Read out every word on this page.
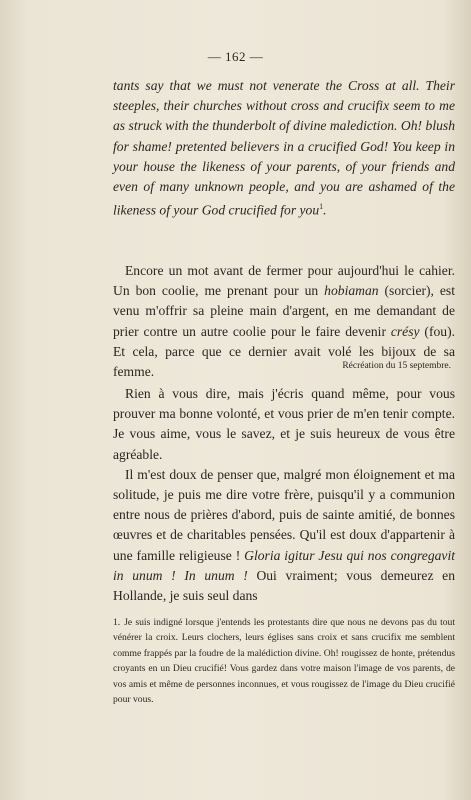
— 162 —

tants say that we must not venerate the Cross at all. Their steeples, their churches without cross and crucifix seem to me as struck with the thunderbolt of divine malediction. Oh! blush for shame! pretented believers in a crucified God! You keep in your house the likeness of your parents, of your friends and even of many unknown people, and you are ashamed of the likeness of your God crucified for you$^1$.

Encore un mot avant de fermer pour aujourd'hui le cahier. Un bon coolie, me prenant pour un hobiaman (sorcier), est venu m'offrir sa pleine main d'argent, en me demandant de prier contre un autre coolie pour le faire devenir crésy (fou). Et cela, parce que ce dernier avait volé les bijoux de sa femme.	Récréation du 15 septembre.

Rien à vous dire, mais j'écris quand même, pour vous prouver ma bonne volonté, et vous prier de m'en tenir compte. Je vous aime, vous le savez, et je suis heureux de vous être agréable.

Il m'est doux de penser que, malgré mon éloignement et ma solitude, je puis me dire votre frère, puisqu'il y a communion entre nous de prières d'abord, puis de sainte amitié, de bonnes œuvres et de charitables pensées. Qu'il est doux d'appartenir à une famille religieuse ! Gloria igitur Jesu qui nos congregavit in unum ! In unum ! Oui vraiment; vous demeurez en Hollande, je suis seul dans

1. Je suis indigné lorsque j'entends les protestants dire que nous ne devons pas du tout vénérer la croix. Leurs clochers, leurs églises sans croix et sans crucifix me semblent comme frappés par la foudre de la malédiction divine. Oh! rougissez de honte, prétendus croyants en un Dieu crucifié! Vous gardez dans votre maison l'image de vos parents, de vos amis et même de personnes inconnues, et vous rougissez de l'image du Dieu crucifié pour vous.
